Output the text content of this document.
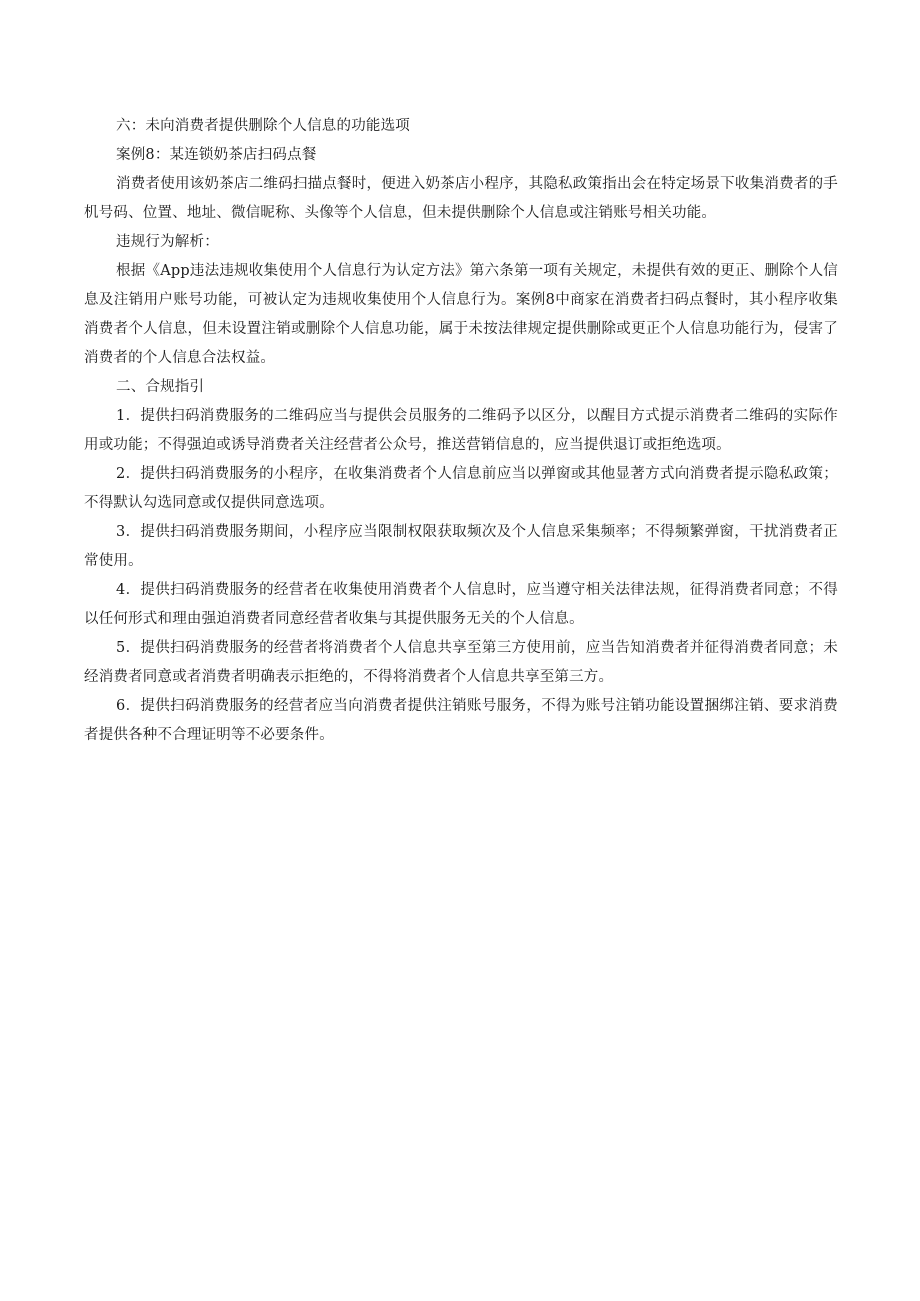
六：未向消费者提供删除个人信息的功能选项

案例8：某连锁奶茶店扫码点餐

消费者使用该奶茶店二维码扫描点餐时，便进入奶茶店小程序，其隐私政策指出会在特定场景下收集消费者的手机号码、位置、地址、微信昵称、头像等个人信息，但未提供删除个人信息或注销账号相关功能。

违规行为解析：

根据《App违法违规收集使用个人信息行为认定方法》第六条第一项有关规定，未提供有效的更正、删除个人信息及注销用户账号功能，可被认定为违规收集使用个人信息行为。案例8中商家在消费者扫码点餐时，其小程序收集消费者个人信息，但未设置注销或删除个人信息功能，属于未按法律规定提供删除或更正个人信息功能行为，侵害了消费者的个人信息合法权益。

二、合规指引

1．提供扫码消费服务的二维码应当与提供会员服务的二维码予以区分，以醒目方式提示消费者二维码的实际作用或功能；不得强迫或诱导消费者关注经营者公众号，推送营销信息的，应当提供退订或拒绝选项。

2．提供扫码消费服务的小程序，在收集消费者个人信息前应当以弹窗或其他显著方式向消费者提示隐私政策；不得默认勾选同意或仅提供同意选项。

3．提供扫码消费服务期间，小程序应当限制权限获取频次及个人信息采集频率；不得频繁弹窗，干扰消费者正常使用。

4．提供扫码消费服务的经营者在收集使用消费者个人信息时，应当遵守相关法律法规，征得消费者同意；不得以任何形式和理由强迫消费者同意经营者收集与其提供服务无关的个人信息。

5．提供扫码消费服务的经营者将消费者个人信息共享至第三方使用前，应当告知消费者并征得消费者同意；未经消费者同意或者消费者明确表示拒绝的，不得将消费者个人信息共享至第三方。

6．提供扫码消费服务的经营者应当向消费者提供注销账号服务，不得为账号注销功能设置捆绑注销、要求消费者提供各种不合理证明等不必要条件。
